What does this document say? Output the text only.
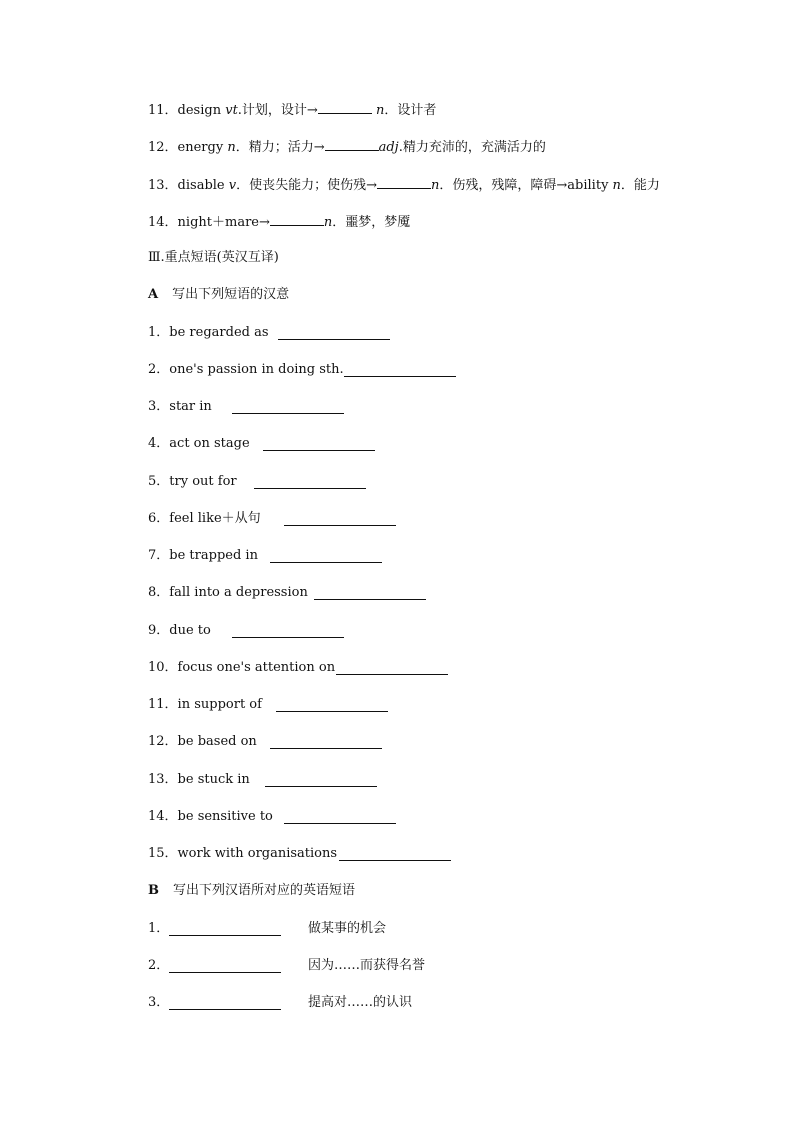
11．design vt.计划，设计→	n．设计者
12．energy n．精力；活力→	adj.精力充沛的，充满活力的
13．disable v．使丧失能力；使伤残→	n．伤残，残障，障碍→ability n．能力
14．night＋mare→	n．噩梦，梦魇
Ⅲ.重点短语(英汉互译)
A 写出下列短语的汉意
1．be regarded as
2．one's passion in doing sth.
3．star in
4．act on stage
5．try out for
6．feel like＋从句
7．be trapped in
8．fall into a depression
9．due to
10．focus one's attention on
11．in support of
12．be based on
13．be stuck in
14．be sensitive to
15．work with organisations
B 写出下列汉语所对应的英语短语
1．	做某事的机会
2．	因为……而获得名誉
3．	提高对……的认识
